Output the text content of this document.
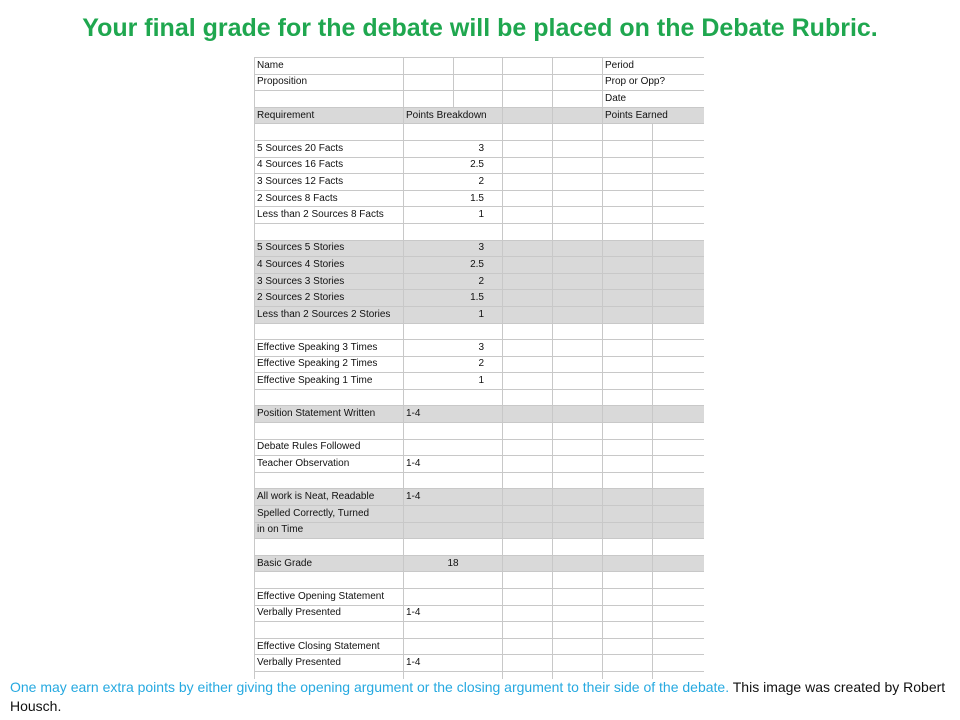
Your final grade for the debate will be placed on the Debate Rubric.
Name					Period	
Proposition					Prop or Opp?	
					Date	
Requirement	Points Breakdown				Points Earned	

5 Sources 20 Facts	3					
4 Sources 16 Facts	2.5					
3 Sources 12 Facts	2					
2 Sources 8 Facts	1.5					
Less than 2 Sources 8 Facts	1					

5 Sources 5 Stories	3					
4 Sources 4 Stories	2.5					
3 Sources 3 Stories	2					
2 Sources 2 Stories	1.5					
Less than 2 Sources 2 Stories	1					

Effective Speaking 3 Times	3					
Effective Speaking 2 Times	2					
Effective Speaking 1 Time	1					

Position Statement Written	1-4					

Debate Rules Followed						
Teacher Observation	1-4					

All work is Neat, Readable	1-4					
Spelled Correctly, Turned						
in on Time						

Basic Grade	18					

Effective Opening Statement						
Verbally Presented	1-4					

Effective Closing Statement						
Verbally Presented	1-4					

One may earn extra points by either giving the opening argument or the closing argument to their side of the debate. This image was created by Robert Housch.
